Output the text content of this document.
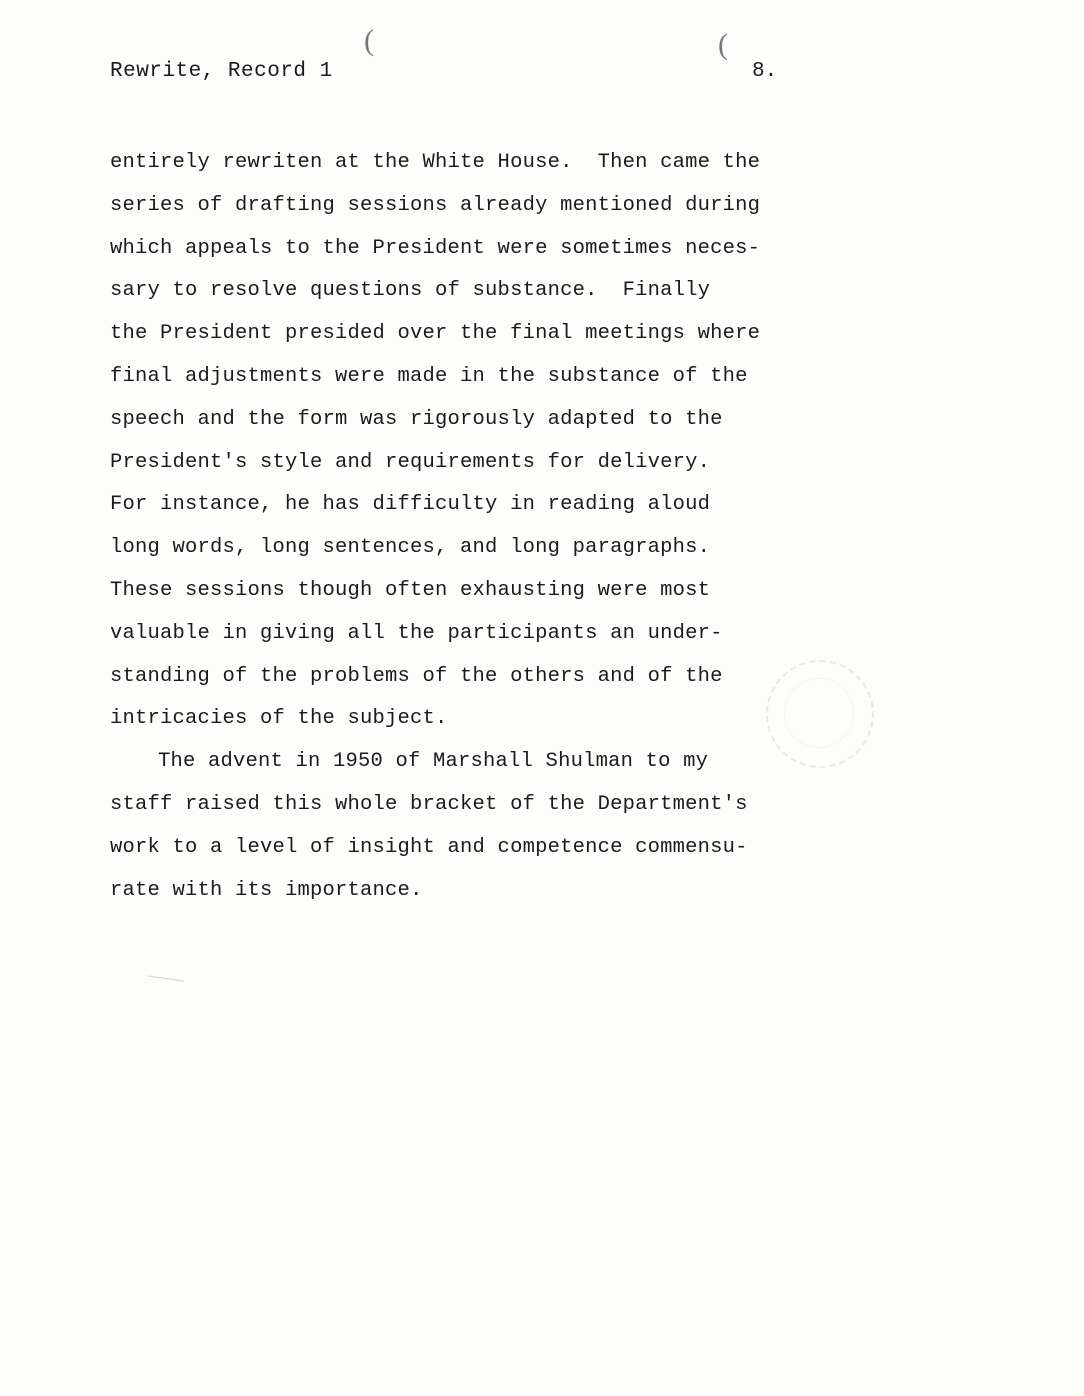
(	(
Rewrite, Record 1	8.
entirely rewriten at the White House.  Then came the
series of drafting sessions already mentioned during
which appeals to the President were sometimes neces-
sary to resolve questions of substance.  Finally
the President presided over the final meetings where
final adjustments were made in the substance of the
speech and the form was rigorously adapted to the
President's style and requirements for delivery.
For instance, he has difficulty in reading aloud
long words, long sentences, and long paragraphs.
These sessions though often exhausting were most
valuable in giving all the participants an under-
standing of the problems of the others and of the
intricacies of the subject.
The advent in 1950 of Marshall Shulman to my
staff raised this whole bracket of the Department's
work to a level of insight and competence commensu-
rate with its importance.
